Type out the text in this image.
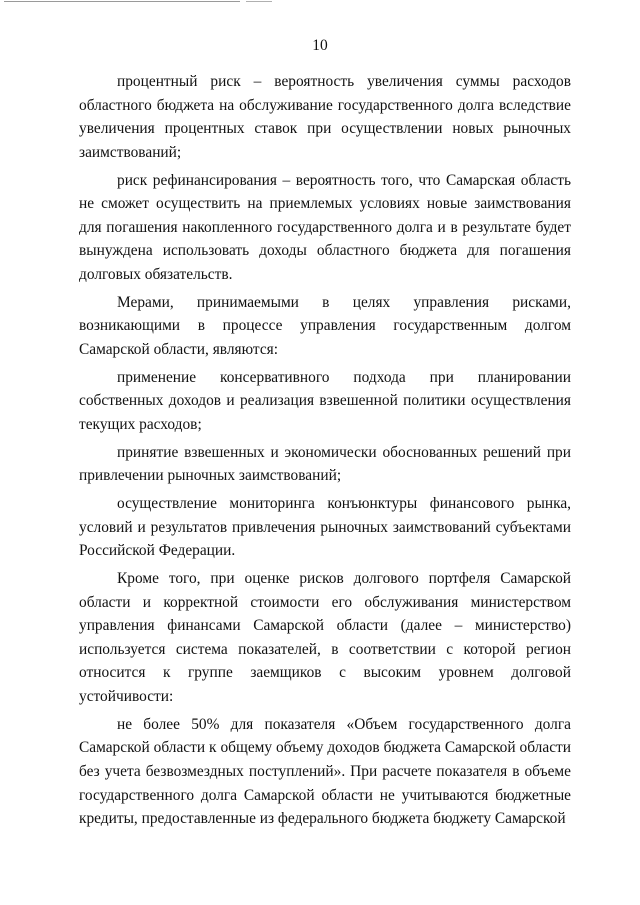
10

процентный риск – вероятность увеличения суммы расходов областного бюджета на обслуживание государственного долга вследствие увеличения процентных ставок при осуществлении новых рыночных заимствований;

риск рефинансирования – вероятность того, что Самарская область не сможет осуществить на приемлемых условиях новые заимствования для погашения накопленного государственного долга и в результате будет вынуждена использовать доходы областного бюджета для погашения долговых обязательств.

Мерами, принимаемыми в целях управления рисками, возникающими в процессе управления государственным долгом Самарской области, являются:

применение консервативного подхода при планировании собственных доходов и реализация взвешенной политики осуществления текущих расходов;

принятие взвешенных и экономически обоснованных решений при привлечении рыночных заимствований;

осуществление мониторинга конъюнктуры финансового рынка, условий и результатов привлечения рыночных заимствований субъектами Российской Федерации.

Кроме того, при оценке рисков долгового портфеля Самарской области и корректной стоимости его обслуживания министерством управления финансами Самарской области (далее – министерство) используется система показателей, в соответствии с которой регион относится к группе заемщиков с высоким уровнем долговой устойчивости:

не более 50% для показателя «Объем государственного долга Самарской области к общему объему доходов бюджета Самарской области без учета безвозмездных поступлений». При расчете показателя в объеме государственного долга Самарской области не учитываются бюджетные кредиты, предоставленные из федерального бюджета бюджету Самарской
